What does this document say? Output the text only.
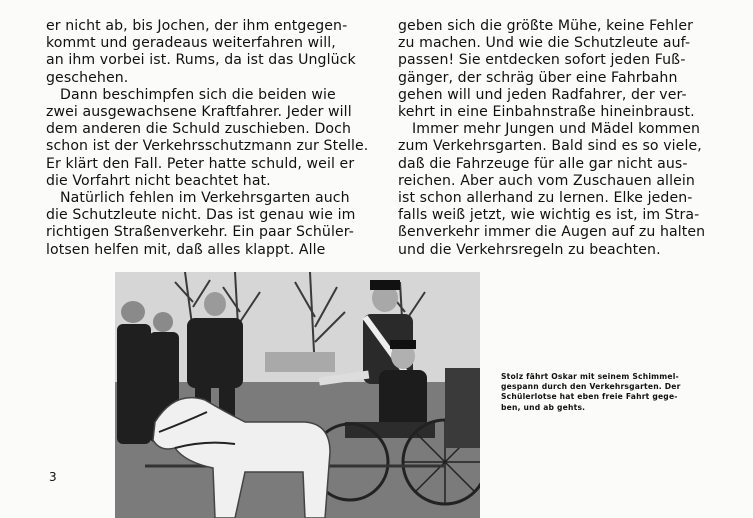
er nicht ab, bis Jochen, der ihm entgegen-
kommt und geradeaus weiterfahren will,
an ihm vorbei ist. Rums, da ist das Unglück
geschehen.
Dann beschimpfen sich die beiden wie
zwei ausgewachsene Kraftfahrer. Jeder will
dem anderen die Schuld zuschieben. Doch
schon ist der Verkehrsschutzmann zur Stelle.
Er klärt den Fall. Peter hatte schuld, weil er
die Vorfahrt nicht beachtet hat.
Natürlich fehlen im Verkehrsgarten auch
die Schutzleute nicht. Das ist genau wie im
richtigen Straßenverkehr. Ein paar Schüler-
lotsen helfen mit, daß alles klappt. Alle
geben sich die größte Mühe, keine Fehler
zu machen. Und wie die Schutzleute auf-
passen! Sie entdecken sofort jeden Fuß-
gänger, der schräg über eine Fahrbahn
gehen will und jeden Radfahrer, der ver-
kehrt in eine Einbahnstraße hineinbraust.
Immer mehr Jungen und Mädel kommen
zum Verkehrsgarten. Bald sind es so viele,
daß die Fahrzeuge für alle gar nicht aus-
reichen. Aber auch vom Zuschauen allein
ist schon allerhand zu lernen. Elke jeden-
falls weiß jetzt, wie wichtig es ist, im Stra-
ßenverkehr immer die Augen auf zu halten
und die Verkehrsregeln zu beachten.
Stolz fährt Oskar mit seinem Schimmel-
gespann durch den Verkehrsgarten. Der
Schülerlotse hat eben freie Fahrt gege-
ben, und ab gehts.
3
